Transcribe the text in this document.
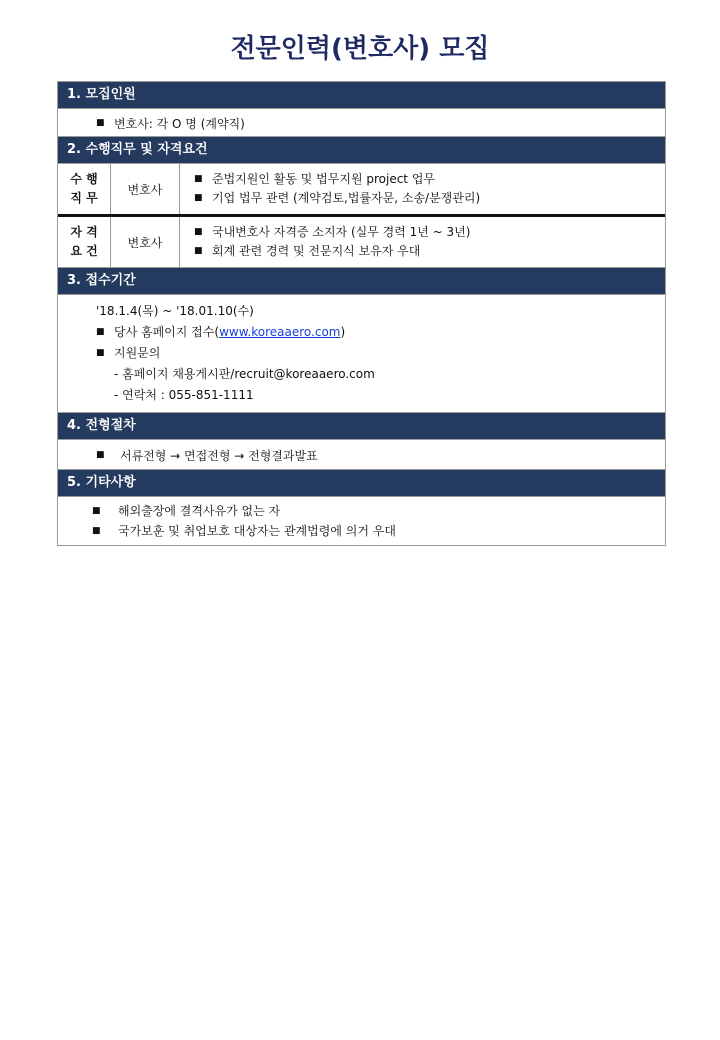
전문인력(변호사) 모집
1. 모집인원
■ 변호사: 각 O 명 (계약직)
2. 수행직무 및 자격요건
수 행
직 무
변호사
■ 준법지원인 활동 및 법무지원 project 업무
■ 기업 법무 관련 (계약검토,법률자문, 소송/분쟁관리)
자 격
요 건
변호사
■ 국내변호사 자격증 소지자 (실무 경력 1년 ~ 3년)
■ 회계 관련 경력 및 전문지식 보유자 우대
3. 접수기간
'18.1.4(목) ~ '18.01.10(수)
■ 당사 홈페이지 접수(www.koreaaero.com)
■ 지원문의
- 홈페이지 채용게시판/recruit@koreaaero.com
- 연락처 : 055-851-1111
4. 전형절차
■ 서류전형 → 면접전형 → 전형결과발표
5. 기타사항
■ 해외출장에 결격사유가 없는 자
■ 국가보훈 및 취업보호 대상자는 관계법령에 의거 우대
